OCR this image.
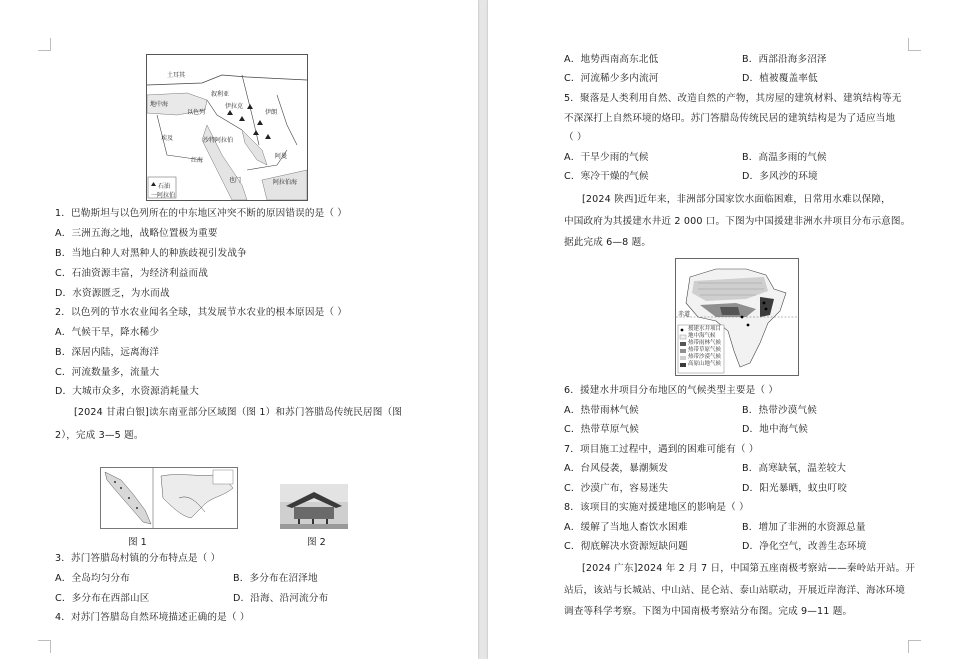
土耳其
地中海
叙利亚
以色列
伊拉克
伊朗
埃及	沙特阿拉伯
红海
阿曼
也门	阿拉伯海
石油
一阿拉伯
1．巴勒斯坦与以色列所在的中东地区冲突不断的原因错误的是（ ）
A．三洲五海之地，战略位置极为重要
B．当地白种人对黑种人的种族歧视引发战争
C．石油资源丰富，为经济利益而战
D．水资源匮乏，为水而战
2．以色列的节水农业闻名全球，其发展节水农业的根本原因是（ ）
A．气候干旱，降水稀少
B．深居内陆，远离海洋
C．河流数量多，流量大
D．大城市众多，水资源消耗量大
[2024 甘肃白银]读东南亚部分区域图（图 1）和苏门答腊岛传统民居图（图
2），完成 3—5 题。
图 1	图 2
3．苏门答腊岛村镇的分布特点是（ ）
A．全岛均匀分布	B．多分布在沼泽地
C．多分布在西部山区	D．沿海、沿河流分布
4．对苏门答腊岛自然环境描述正确的是（ ）
A．地势西南高东北低	B．西部沿海多沼泽
C．河流稀少多内流河	D．植被覆盖率低
5．聚落是人类利用自然、改造自然的产物，其房屋的建筑材料、建筑结构等无
不深深打上自然环境的烙印。苏门答腊岛传统民居的建筑结构是为了适应当地
（ ）
A．干旱少雨的气候	B．高温多雨的气候
C．寒冷干燥的气候	D．多风沙的环境
[2024 陕西]近年来，非洲部分国家饮水面临困难，日常用水难以保障，
中国政府为其援建水井近 2 000 口。下图为中国援建非洲水井项目分布示意图。
据此完成 6—8 题。
赤道
援建水井项目
地中海气候
热带雨林气候
热带草原气候
热带沙漠气候
高原山地气候
6．援建水井项目分布地区的气候类型主要是（ ）
A．热带雨林气候	B．热带沙漠气候
C．热带草原气候	D．地中海气候
7．项目施工过程中，遇到的困难可能有（ ）
A．台风侵袭，暴潮频发	B．高寒缺氧，温差较大
C．沙漠广布，容易迷失	D．阳光暴晒，蚊虫叮咬
8．该项目的实施对援建地区的影响是（ ）
A．缓解了当地人畜饮水困难	B．增加了非洲的水资源总量
C．彻底解决水资源短缺问题	D．净化空气，改善生态环境
[2024 广东]2024 年 2 月 7 日，中国第五座南极考察站——秦岭站开站。开
站后，该站与长城站、中山站、昆仑站、泰山站联动，开展近岸海洋、海冰环境
调查等科学考察。下图为中国南极考察站分布图。完成 9—11 题。
